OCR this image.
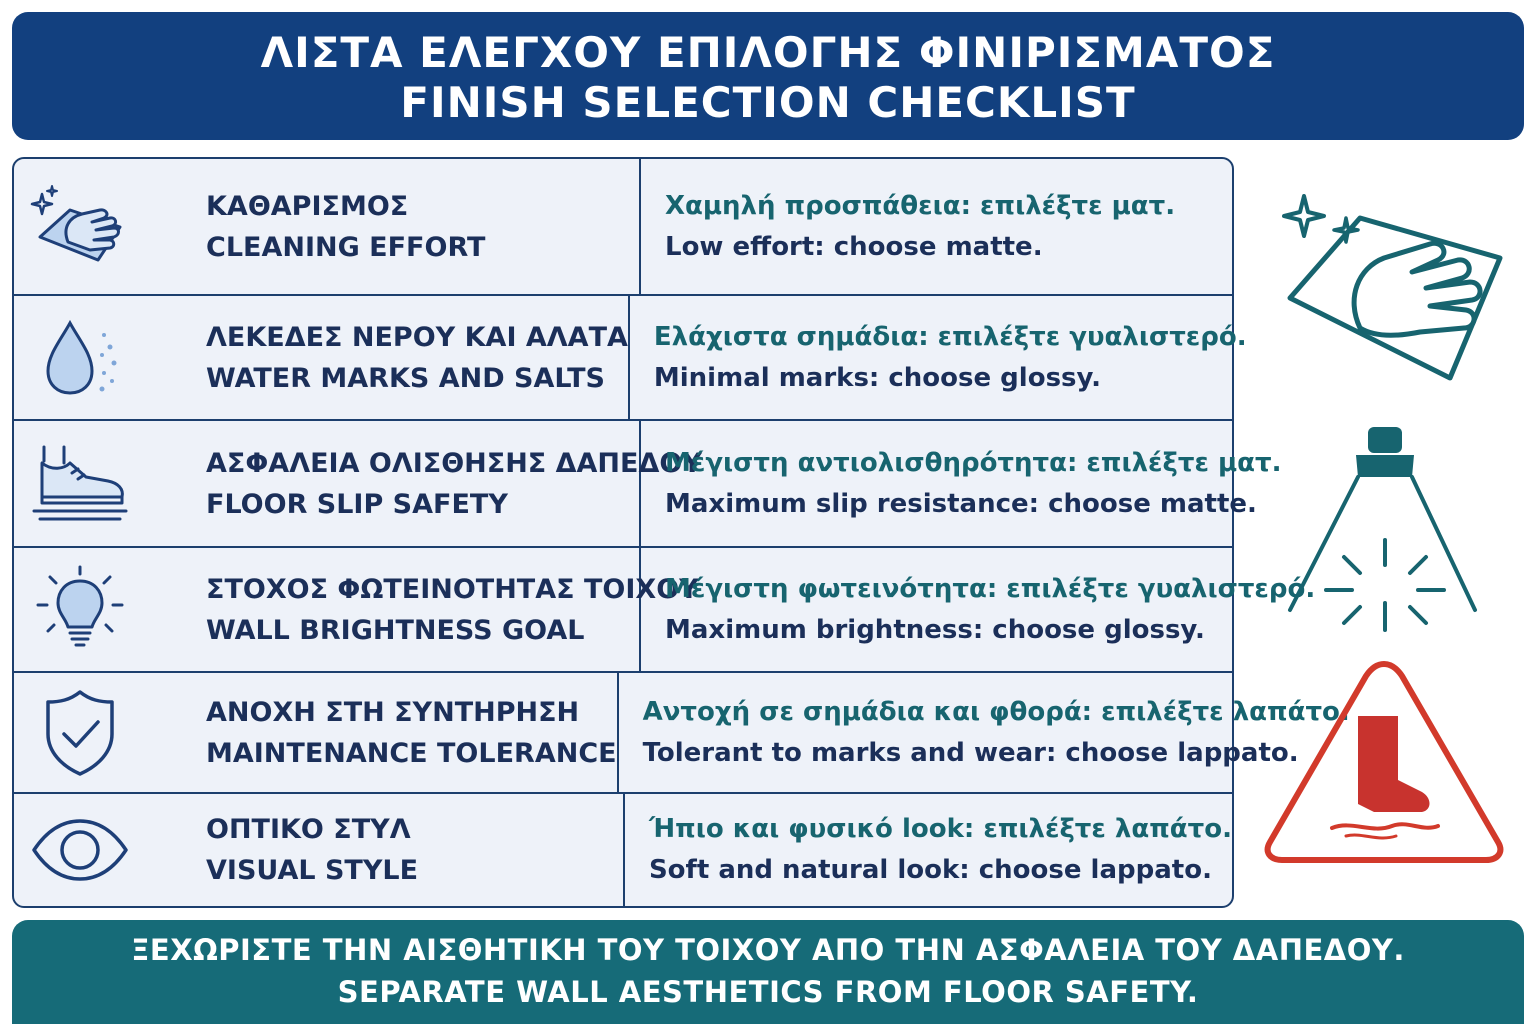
ΛΙΣΤΑ ΕΛΕΓΧΟΥ ΕΠΙΛΟΓΗΣ ΦΙΝΙΡΙΣΜΑΤΟΣ
FINISH SELECTION CHECKLIST
ΚΑΘΑΡΙΣΜΟΣ
CLEANING EFFORT
Χαμηλή προσπάθεια: επιλέξτε ματ.
Low effort: choose matte.
ΛΕΚΕΔΕΣ ΝΕΡΟΥ ΚΑΙ ΑΛΑΤΑ
WATER MARKS AND SALTS
Ελάχιστα σημάδια: επιλέξτε γυαλιστερό.
Minimal marks: choose glossy.
ΑΣΦΑΛΕΙΑ ΟΛΙΣΘΗΣΗΣ ΔΑΠΕΔΟΥ
FLOOR SLIP SAFETY
Μέγιστη αντιολισθηρότητα: επιλέξτε ματ.
Maximum slip resistance: choose matte.
ΣΤΟΧΟΣ ΦΩΤΕΙΝΟΤΗΤΑΣ ΤΟΙΧΟΥ
WALL BRIGHTNESS GOAL
Μέγιστη φωτεινότητα: επιλέξτε γυαλιστερό.
Maximum brightness: choose glossy.
ΑΝΟΧΗ ΣΤΗ ΣΥΝΤΗΡΗΣΗ
MAINTENANCE TOLERANCE
Αντοχή σε σημάδια και φθορά: επιλέξτε λαπάτο.
Tolerant to marks and wear: choose lappato.
ΟΠΤΙΚΟ ΣΤΥΛ
VISUAL STYLE
Ήπιο και φυσικό look: επιλέξτε λαπάτο.
Soft and natural look: choose lappato.
ΞΕΧΩΡΙΣΤΕ ΤΗΝ ΑΙΣΘΗΤΙΚΗ ΤΟΥ ΤΟΙΧΟΥ ΑΠΟ ΤΗΝ ΑΣΦΑΛΕΙΑ ΤΟΥ ΔΑΠΕΔΟΥ.
SEPARATE WALL AESTHETICS FROM FLOOR SAFETY.
